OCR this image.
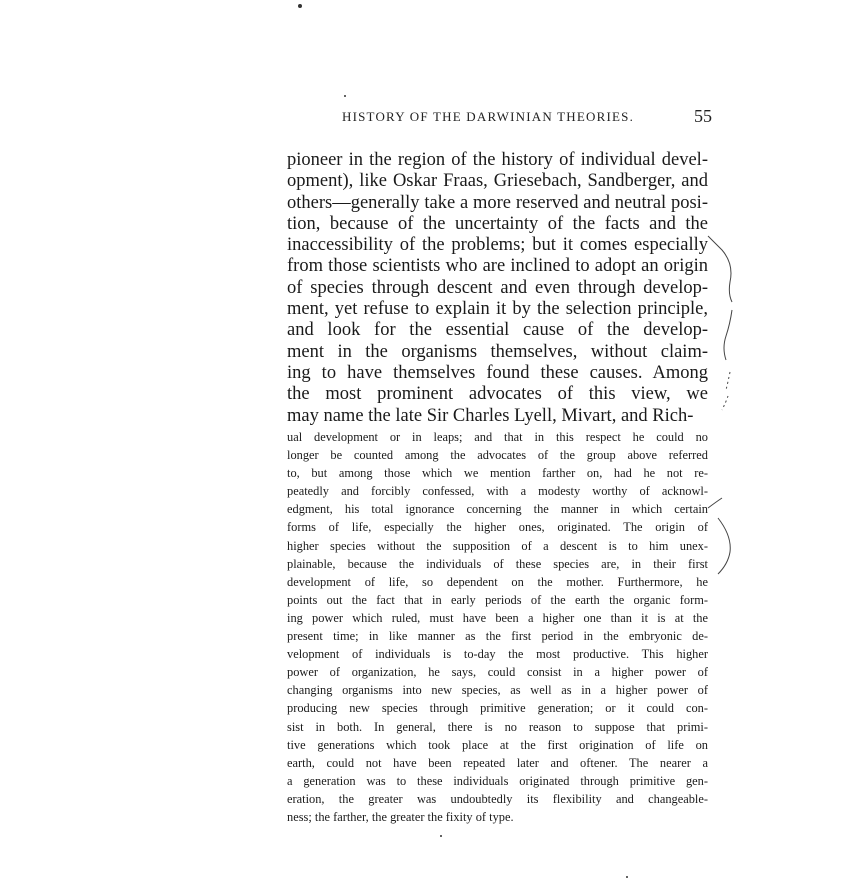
HISTORY OF THE DARWINIAN THEORIES.	55
pioneer in the region of the history of individual devel-
opment), like Oskar Fraas, Griesebach, Sandberger, and
others—generally take a more reserved and neutral posi-
tion, because of the uncertainty of the facts and the
inaccessibility of the problems; but it comes especially
from those scientists who are inclined to adopt an origin
of species through descent and even through develop-
ment, yet refuse to explain it by the selection principle,
and look for the essential cause of the develop-
ment in the organisms themselves, without claim-
ing to have themselves found these causes. Among
the most prominent advocates of this view, we
may name the late Sir Charles Lyell, Mivart, and Rich-
ual development or in leaps; and that in this respect he could no
longer be counted among the advocates of the group above referred
to, but among those which we mention farther on, had he not re-
peatedly and forcibly confessed, with a modesty worthy of acknowl-
edgment, his total ignorance concerning the manner in which certain
forms of life, especially the higher ones, originated. The origin of
higher species without the supposition of a descent is to him unex-
plainable, because the individuals of these species are, in their first
development of life, so dependent on the mother. Furthermore, he
points out the fact that in early periods of the earth the organic form-
ing power which ruled, must have been a higher one than it is at the
present time; in like manner as the first period in the embryonic de-
velopment of individuals is to-day the most productive. This higher
power of organization, he says, could consist in a higher power of
changing organisms into new species, as well as in a higher power of
producing new species through primitive generation; or it could con-
sist in both. In general, there is no reason to suppose that primi-
tive generations which took place at the first origination of life on
earth, could not have been repeated later and oftener. The nearer a
a generation was to these individuals originated through primitive gen-
eration, the greater was undoubtedly its flexibility and changeable-
ness; the farther, the greater the fixity of type.
